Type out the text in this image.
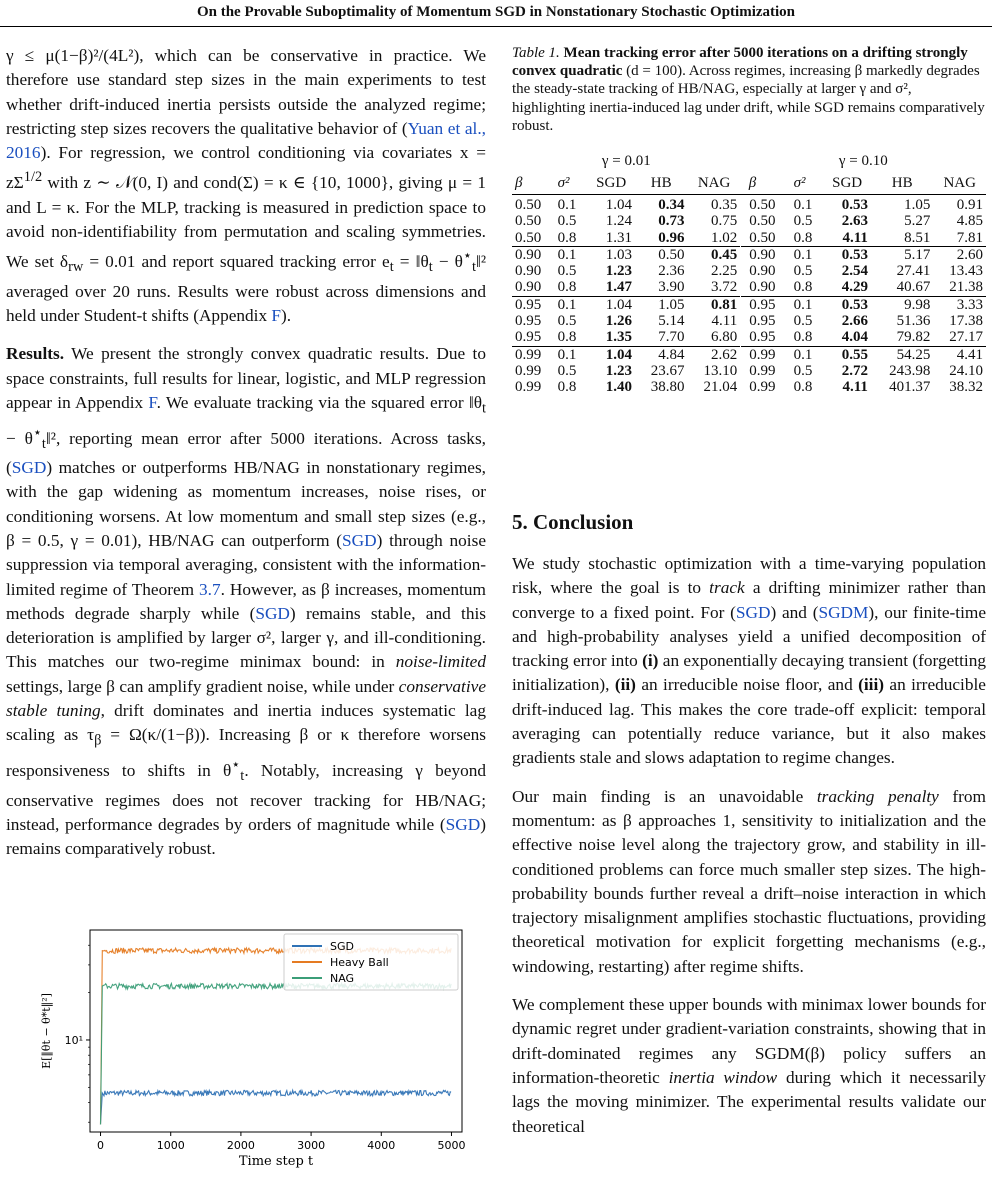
On the Provable Suboptimality of Momentum SGD in Nonstationary Stochastic Optimization

γ ≤ μ(1−β)²/(4L²), which can be conservative in practice. We therefore use standard step sizes in the main experiments to test whether drift-induced inertia persists outside the analyzed regime; restricting step sizes recovers the qualitative behavior of (Yuan et al., 2016). For regression, we control conditioning via covariates $x = z\Sigma^{1/2}$ with z ∼ 𝒩(0, I) and cond(Σ) = κ ∈ {10, 1000}, giving μ = 1 and L = κ. For the MLP, tracking is measured in prediction space to avoid non-identifiability from permutation and scaling symmetries. We set $\delta_{rw} = 0.01$ and report squared tracking error $e_t$ = $‖\theta_t$ − $\theta^⋆_t‖^2$ averaged over 20 runs. Results were robust across dimensions and held under Student-t shifts (Appendix F).

Results. We present the strongly convex quadratic results. Due to space constraints, full results for linear, logistic, and MLP regression appear in Appendix F. We evaluate tracking via the squared error $‖\theta_t$ − $\theta^⋆_t‖^2$, reporting mean error after 5000 iterations. Across tasks, (SGD) matches or outperforms HB/NAG in nonstationary regimes, with the gap widening as momentum increases, noise rises, or conditioning worsens. At low momentum and small step sizes (e.g., β = 0.5, γ = 0.01), HB/NAG can outperform (SGD) through noise suppression via temporal averaging, consistent with the information-limited regime of Theorem 3.7. However, as β increases, momentum methods degrade sharply while (SGD) remains stable, and this deterioration is amplified by larger σ², larger γ, and ill-conditioning. This matches our two-regime minimax bound: in noise-limited settings, large β can amplify gradient noise, while under conservative stable tuning, drift dominates and inertia induces systematic lag scaling as $\tau_\beta = \Omega(\kappa/(1-\beta))$. Increasing β or κ therefore worsens responsiveness to shifts in $\theta^⋆_t$. Notably, increasing γ beyond conservative regimes does not recover tracking for HB/NAG; instead, performance degrades by orders of magnitude while (SGD) remains comparatively robust.

0	1000	2000	3000	4000	5000
10¹
Time step t
E[‖θt − θ*t‖²]
SGD
Heavy Ball
NAG
Table 1. Mean tracking error after 5000 iterations on a drifting strongly convex quadratic (d = 100). Across regimes, increasing β markedly degrades the steady-state tracking of HB/NAG, especially at larger γ and σ², highlighting inertia-induced lag under drift, while SGD remains comparatively robust.
γ = 0.01					γ = 0.10				
β	σ²	SGD	HB	NAG	β	σ²	SGD	HB	NAG
0.50	0.1	1.04	0.34	0.35	0.50	0.1	0.53	1.05	0.91
0.50	0.5	1.24	0.73	0.75	0.50	0.5	2.63	5.27	4.85
0.50	0.8	1.31	0.96	1.02	0.50	0.8	4.11	8.51	7.81
0.90	0.1	1.03	0.50	0.45	0.90	0.1	0.53	5.17	2.60
0.90	0.5	1.23	2.36	2.25	0.90	0.5	2.54	27.41	13.43
0.90	0.8	1.47	3.90	3.72	0.90	0.8	4.29	40.67	21.38
0.95	0.1	1.04	1.05	0.81	0.95	0.1	0.53	9.98	3.33
0.95	0.5	1.26	5.14	4.11	0.95	0.5	2.66	51.36	17.38
0.95	0.8	1.35	7.70	6.80	0.95	0.8	4.04	79.82	27.17
0.99	0.1	1.04	4.84	2.62	0.99	0.1	0.55	54.25	4.41
0.99	0.5	1.23	23.67	13.10	0.99	0.5	2.72	243.98	24.10
0.99	0.8	1.40	38.80	21.04	0.99	0.8	4.11	401.37	38.32
5. Conclusion

We study stochastic optimization with a time-varying population risk, where the goal is to track a drifting minimizer rather than converge to a fixed point. For (SGD) and (SGDM), our finite-time and high-probability analyses yield a unified decomposition of tracking error into (i) an exponentially decaying transient (forgetting initialization), (ii) an irreducible noise floor, and (iii) an irreducible drift-induced lag. This makes the core trade-off explicit: temporal averaging can potentially reduce variance, but it also makes gradients stale and slows adaptation to regime changes.

Our main finding is an unavoidable tracking penalty from momentum: as β approaches 1, sensitivity to initialization and the effective noise level along the trajectory grow, and stability in ill-conditioned problems can force much smaller step sizes. The high-probability bounds further reveal a drift–noise interaction in which trajectory misalignment amplifies stochastic fluctuations, providing theoretical motivation for explicit forgetting mechanisms (e.g., windowing, restarting) after regime shifts.

We complement these upper bounds with minimax lower bounds for dynamic regret under gradient-variation constraints, showing that in drift-dominated regimes any SGDM(β) policy suffers an information-theoretic inertia window during which it necessarily lags the moving minimizer. The experimental results validate our theoretical
